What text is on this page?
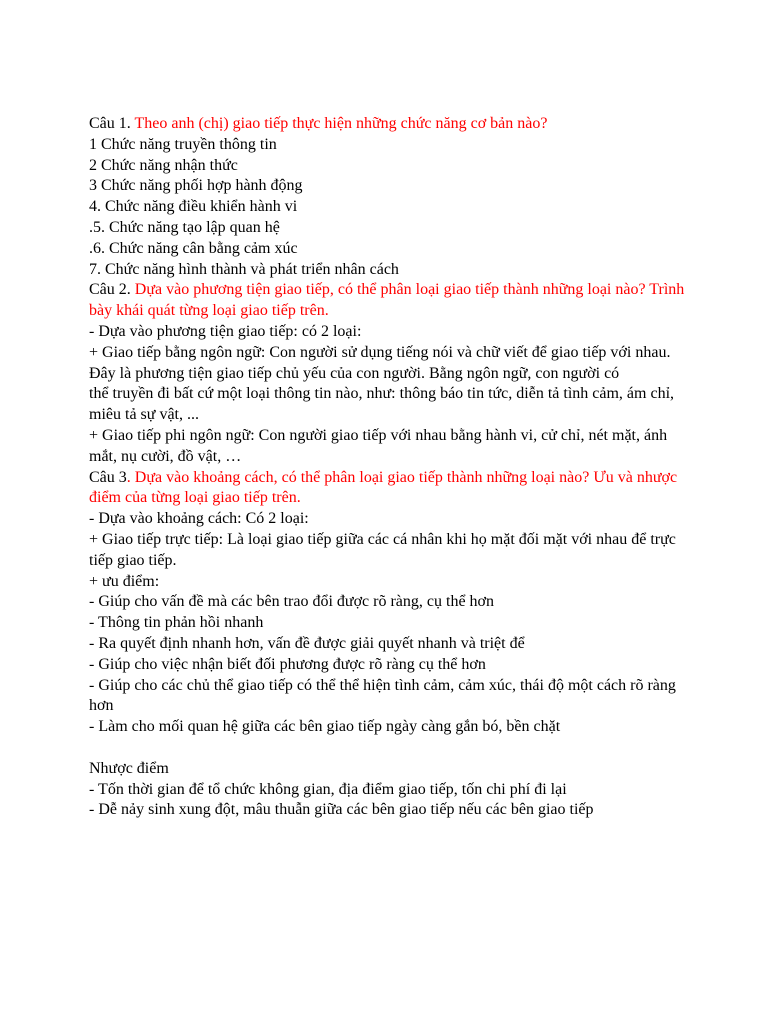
Câu 1. Theo anh (chị) giao tiếp thực hiện những chức năng cơ bản nào?
1 Chức năng truyền thông tin
2 Chức năng nhận thức
3 Chức năng phối hợp hành động
4. Chức năng điều khiển hành vi
.5. Chức năng tạo lập quan hệ
.6. Chức năng cân bằng cảm xúc
7. Chức năng hình thành và phát triển nhân cách
Câu 2. Dựa vào phương tiện giao tiếp, có thể phân loại giao tiếp thành những loại nào? Trình
bày khái quát từng loại giao tiếp trên.
- Dựa vào phương tiện giao tiếp: có 2 loại:
+ Giao tiếp bằng ngôn ngữ: Con người sử dụng tiếng nói và chữ viết để giao tiếp với nhau. Đây là phương tiện giao tiếp chủ yếu của con người. Bằng ngôn ngữ, con người có
thể truyền đi bất cứ một loại thông tin nào, như: thông báo tin tức, diễn tả tình cảm, ám chỉ,
miêu tả sự vật, ...
+ Giao tiếp phi ngôn ngữ: Con người giao tiếp với nhau bằng hành vi, cử chỉ, nét mặt, ánh mắt, nụ cười, đồ vật, …
Câu 3. Dựa vào khoảng cách, có thể phân loại giao tiếp thành những loại nào? Ưu và nhược
điểm của từng loại giao tiếp trên.
- Dựa vào khoảng cách: Có 2 loại:
+ Giao tiếp trực tiếp: Là loại giao tiếp giữa các cá nhân khi họ mặt đối mặt với nhau để trực tiếp giao tiếp.
+ ưu điểm:
- Giúp cho vấn đề mà các bên trao đổi được rõ ràng, cụ thể hơn
- Thông tin phản hồi nhanh
- Ra quyết định nhanh hơn, vấn đề được giải quyết nhanh và triệt để
- Giúp cho việc nhận biết đối phương được rõ ràng cụ thể hơn
- Giúp cho các chủ thể giao tiếp có thể thể hiện tình cảm, cảm xúc, thái độ một cách rõ ràng hơn
- Làm cho mối quan hệ giữa các bên giao tiếp ngày càng gắn bó, bền chặt
Nhược điểm
- Tốn thời gian để tổ chức không gian, địa điểm giao tiếp, tốn chi phí đi lại
- Dễ nảy sinh xung đột, mâu thuẫn giữa các bên giao tiếp nếu các bên giao tiếp
